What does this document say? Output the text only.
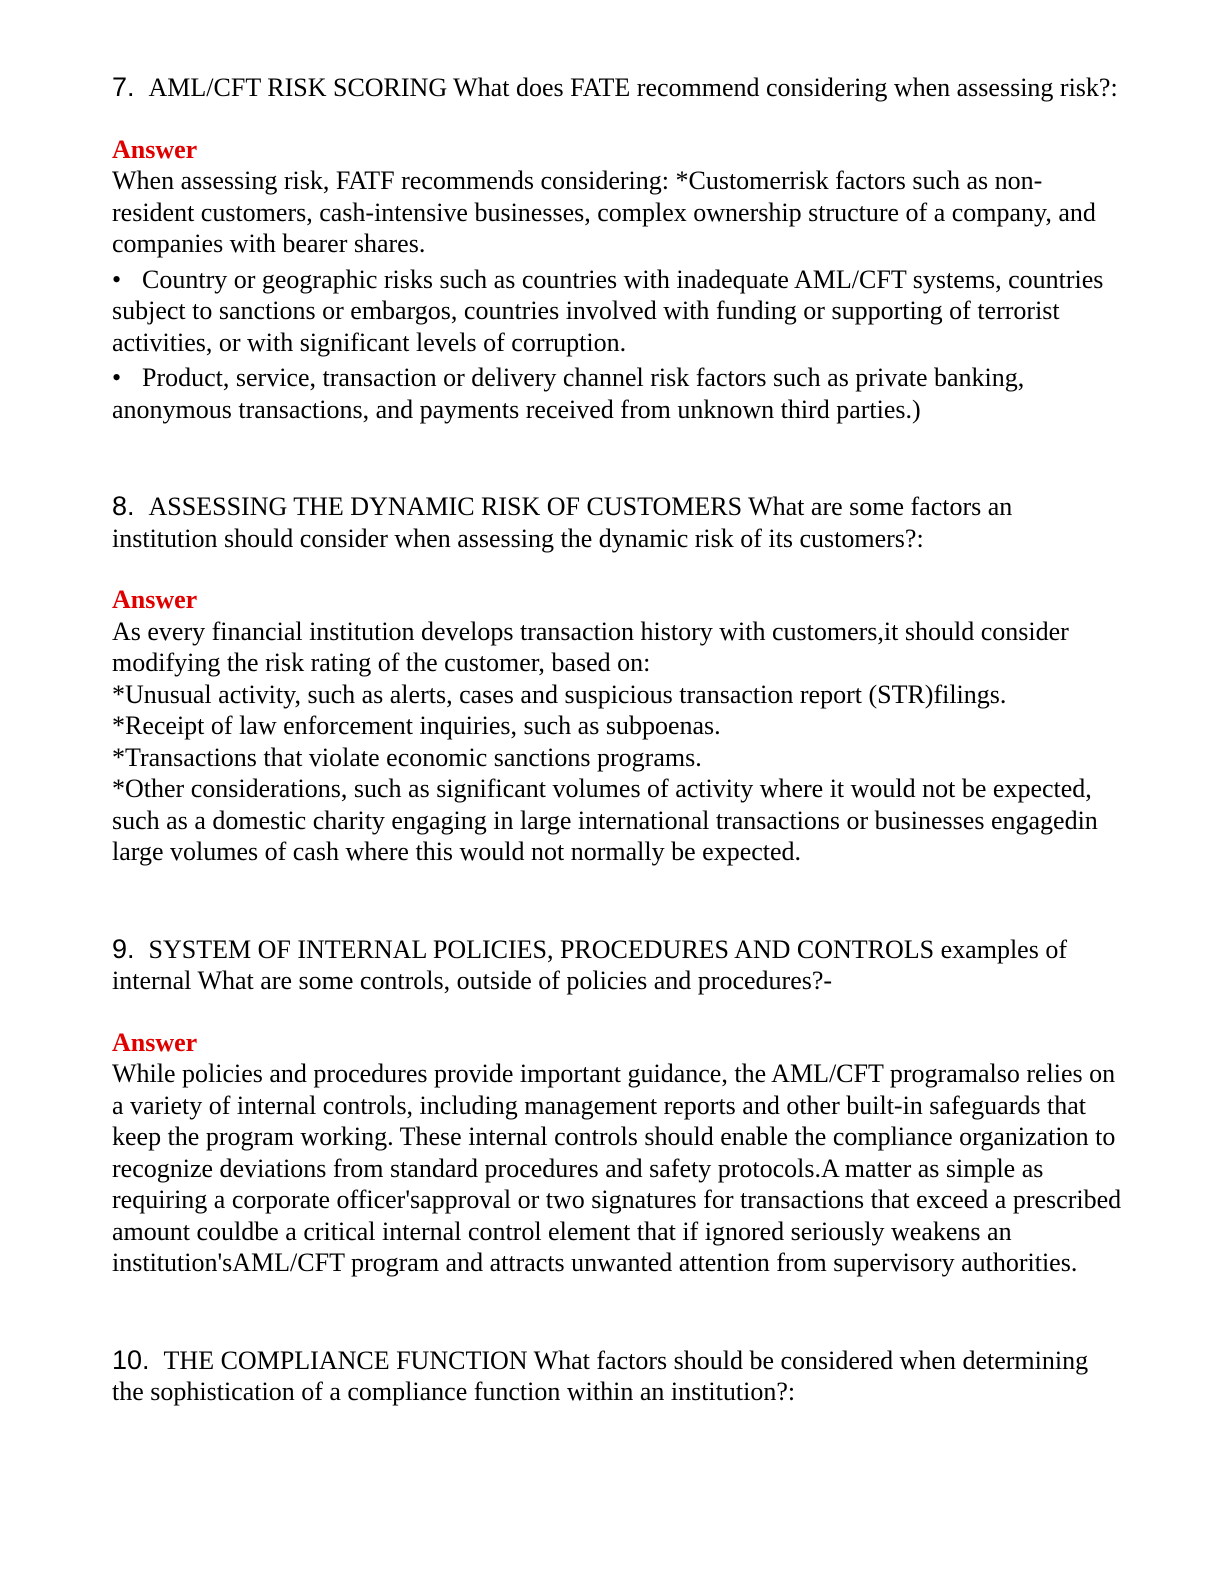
7. AML/CFT RISK SCORING What does FATE recommend considering when assessing risk?:

Answer

When assessing risk, FATF recommends considering: *Customerrisk factors such as non-resident customers, cash-intensive businesses, complex ownership structure of a company, and companies with bearer shares.

• Country or geographic risks such as countries with inadequate AML/CFT systems, countries subject to sanctions or embargos, countries involved with funding or supporting of terrorist activities, or with significant levels of corruption.

• Product, service, transaction or delivery channel risk factors such as private banking, anonymous transactions, and payments received from unknown third parties.)

8. ASSESSING THE DYNAMIC RISK OF CUSTOMERS What are some factors an institution should consider when assessing the dynamic risk of its customers?:

Answer

As every financial institution develops transaction history with customers,it should consider modifying the risk rating of the customer, based on:

*Unusual activity, such as alerts, cases and suspicious transaction report (STR)filings.

*Receipt of law enforcement inquiries, such as subpoenas.

*Transactions that violate economic sanctions programs.

*Other considerations, such as significant volumes of activity where it would not be expected, such as a domestic charity engaging in large international transactions or businesses engagedin large volumes of cash where this would not normally be expected.

9. SYSTEM OF INTERNAL POLICIES, PROCEDURES AND CONTROLS examples of internal What are some controls, outside of policies and procedures?-

Answer

While policies and procedures provide important guidance, the AML/CFT programalso relies on a variety of internal controls, including management reports and other built-in safeguards that keep the program working. These internal controls should enable the compliance organization to recognize deviations from standard procedures and safety protocols.A matter as simple as requiring a corporate officer'sapproval or two signatures for transactions that exceed a prescribed amount couldbe a critical internal control element that if ignored seriously weakens an institution'sAML/CFT program and attracts unwanted attention from supervisory authorities.

10. THE COMPLIANCE FUNCTION What factors should be considered when determining the sophistication of a compliance function within an institution?:
